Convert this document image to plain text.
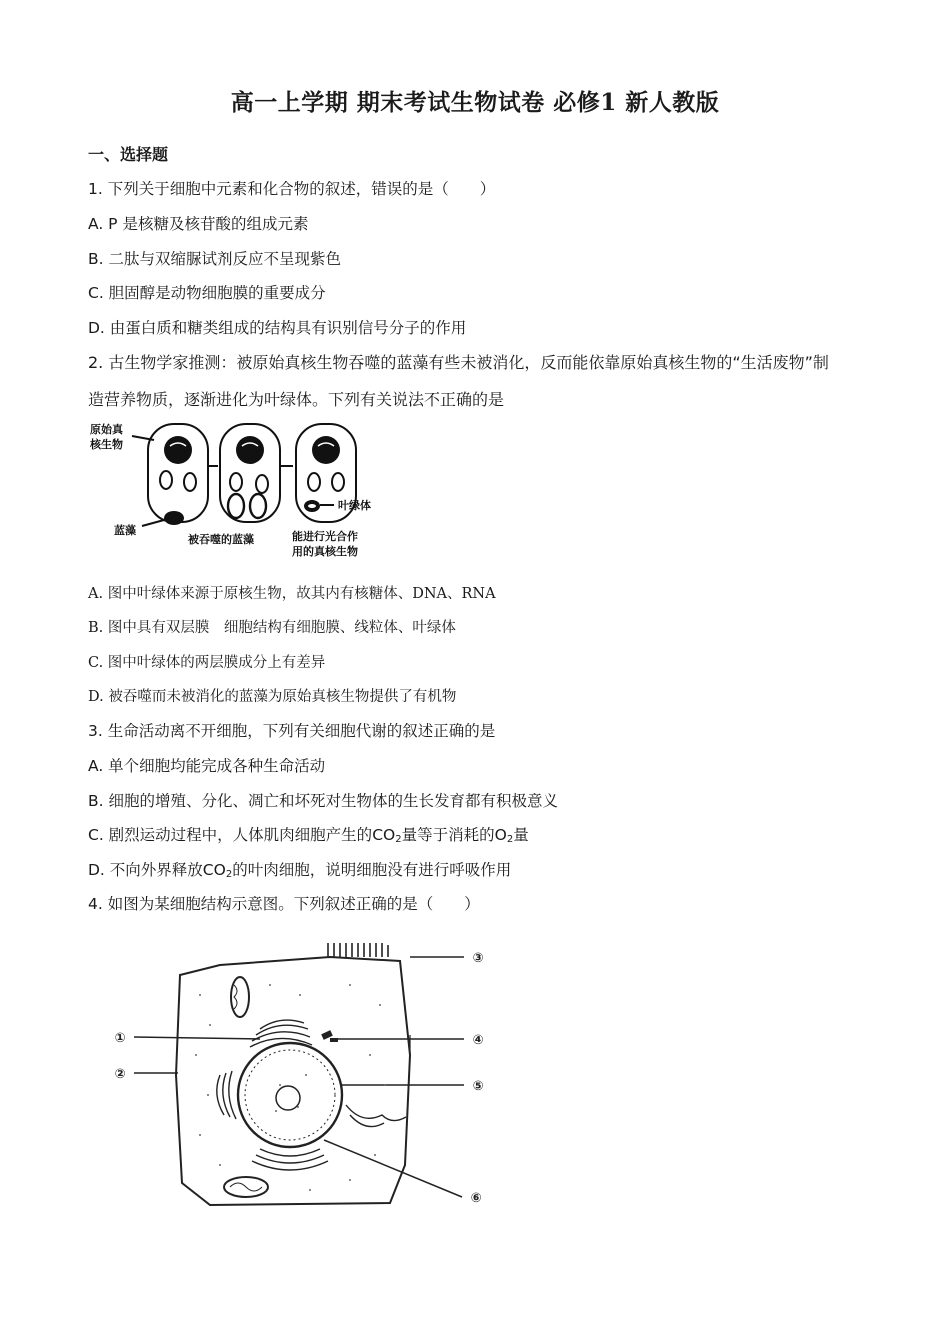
高一上学期 期末考试生物试卷 必修1 新人教版
一、选择题
1. 下列关于细胞中元素和化合物的叙述，错误的是（　　）
A. P 是核糖及核苷酸的组成元素
B. 二肽与双缩脲试剂反应不呈现紫色
C. 胆固醇是动物细胞膜的重要成分
D. 由蛋白质和糖类组成的结构具有识别信号分子的作用
2. 古生物学家推测：被原始真核生物吞噬的蓝藻有些未被消化，反而能依靠原始真核生物的“生活废物”制
造营养物质，逐渐进化为叶绿体。下列有关说法不正确的是
原始真
核生物
蓝藻
被吞噬的蓝藻
叶绿体
能进行光合作
用的真核生物
A. 图中叶绿体来源于原核生物，故其内有核糖体、DNA、RNA
B. 图中具有双层膜　细胞结构有细胞膜、线粒体、叶绿体
C. 图中叶绿体的两层膜成分上有差异
D. 被吞噬而未被消化的蓝藻为原始真核生物提供了有机物
3. 生命活动离不开细胞，下列有关细胞代谢的叙述正确的是
A. 单个细胞均能完成各种生命活动
B. 细胞的增殖、分化、凋亡和坏死对生物体的生长发育都有积极意义
C. 剧烈运动过程中，人体肌肉细胞产生的$CO_2$量等于消耗的$O_2$量
D. 不向外界释放$CO_2$的叶肉细胞，说明细胞没有进行呼吸作用
4. 如图为某细胞结构示意图。下列叙述正确的是（　　）
①
②
③
④
⑤
⑥
